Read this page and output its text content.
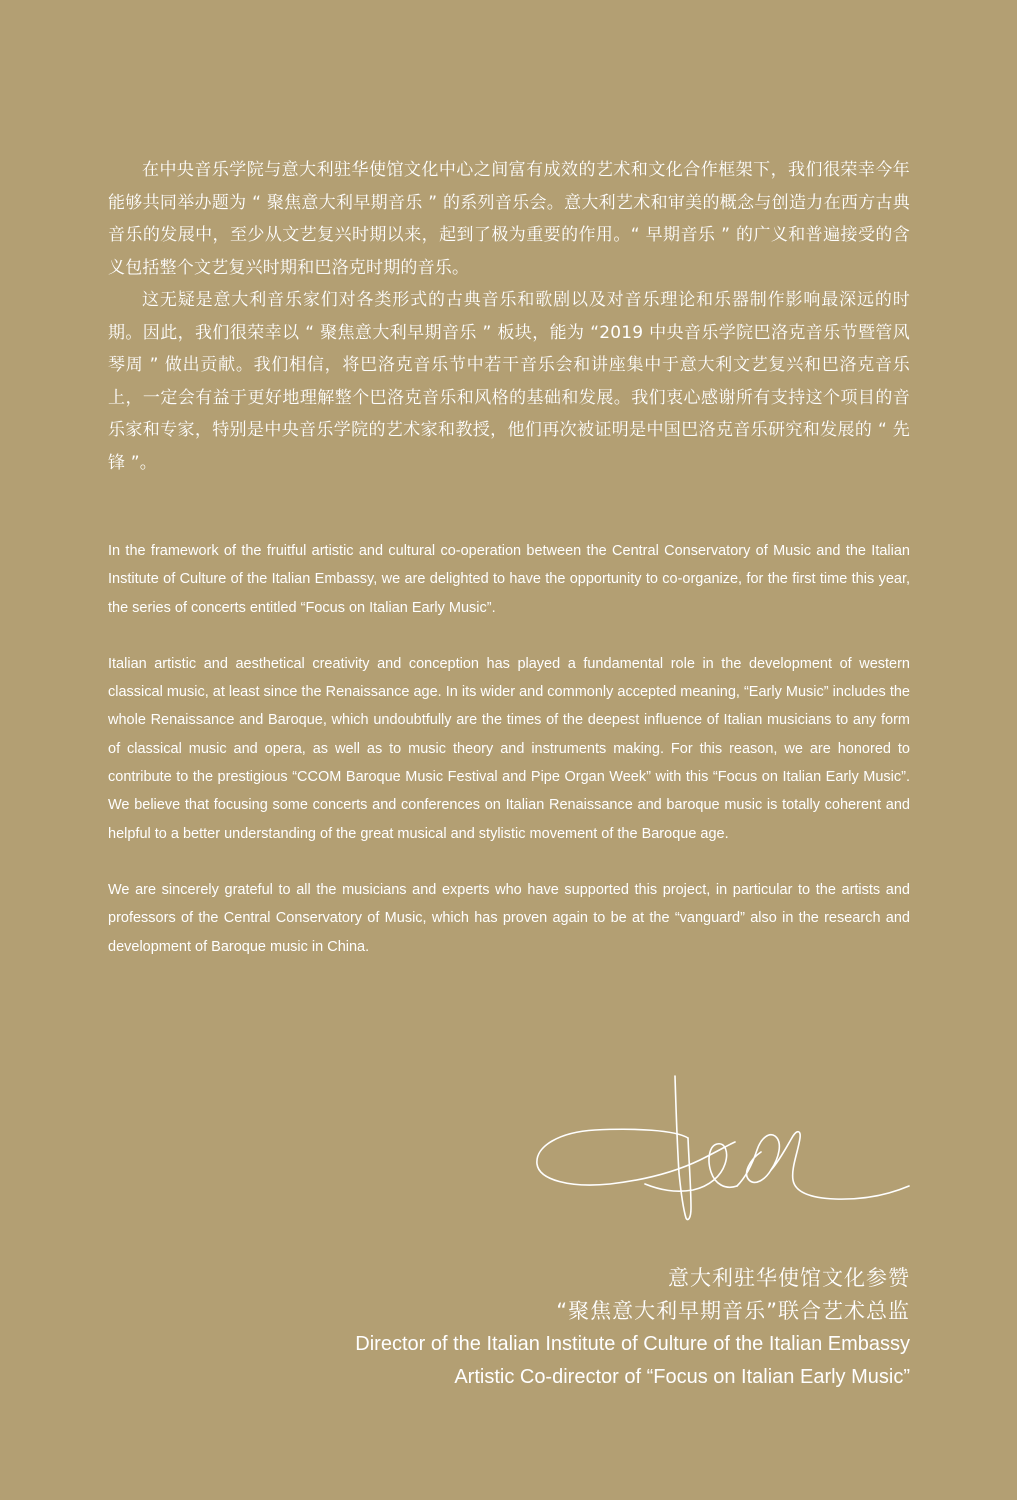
在中央音乐学院与意大利驻华使馆文化中心之间富有成效的艺术和文化合作框架下，我们很荣幸今年能够共同举办题为 “ 聚焦意大利早期音乐 ” 的系列音乐会。意大利艺术和审美的概念与创造力在西方古典音乐的发展中，至少从文艺复兴时期以来，起到了极为重要的作用。“ 早期音乐 ” 的广义和普遍接受的含义包括整个文艺复兴时期和巴洛克时期的音乐。

这无疑是意大利音乐家们对各类形式的古典音乐和歌剧以及对音乐理论和乐器制作影响最深远的时期。因此，我们很荣幸以 “ 聚焦意大利早期音乐 ” 板块，能为 “2019 中央音乐学院巴洛克音乐节暨管风琴周 ” 做出贡献。我们相信，将巴洛克音乐节中若干音乐会和讲座集中于意大利文艺复兴和巴洛克音乐上，一定会有益于更好地理解整个巴洛克音乐和风格的基础和发展。我们衷心感谢所有支持这个项目的音乐家和专家，特别是中央音乐学院的艺术家和教授，他们再次被证明是中国巴洛克音乐研究和发展的 “ 先锋 ”。

In the framework of the fruitful artistic and cultural co-operation between the Central Conservatory of Music and the Italian Institute of Culture of the Italian Embassy, we are delighted to have the opportunity to co-organize, for the first time this year, the series of concerts entitled “Focus on Italian Early Music”.

Italian artistic and aesthetical creativity and conception has played a fundamental role in the development of western classical music, at least since the Renaissance age. In its wider and commonly accepted meaning, “Early Music” includes the whole Renaissance and Baroque, which undoubtfully are the times of the deepest influence of Italian musicians to any form of classical music and opera, as well as to music theory and instruments making. For this reason, we are honored to contribute to the prestigious “CCOM Baroque Music Festival and Pipe Organ Week” with this “Focus on Italian Early Music”. We believe that focusing some concerts and conferences on Italian Renaissance and baroque music is totally coherent and helpful to a better understanding of the great musical and stylistic movement of the Baroque age.

We are sincerely grateful to all the musicians and experts who have supported this project, in particular to the artists and professors of the Central Conservatory of Music, which has proven again to be at the “vanguard” also in the research and development of Baroque music in China.

意大利驻华使馆文化参赞
“聚焦意大利早期音乐”联合艺术总监
Director of the Italian Institute of Culture of the Italian Embassy
Artistic Co-director of “Focus on Italian Early Music”
